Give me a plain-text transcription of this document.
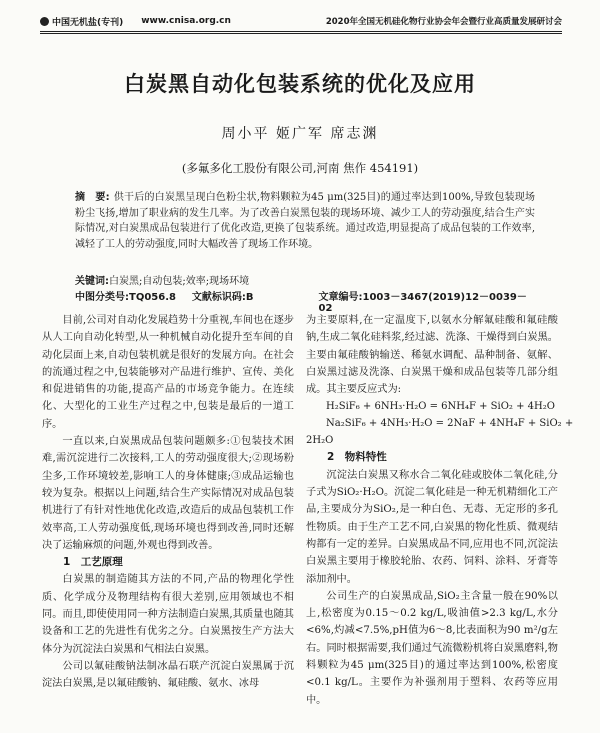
中国无机盐(专刊) www.cnisa.org.cn	2020年全国无机硅化物行业协会年会暨行业高质量发展研讨会
白炭黑自动化包装系统的优化及应用
周小平 姬广军 席志渊
(多氟多化工股份有限公司,河南 焦作 454191)
摘　要: 供干后的白炭黑呈现白色粉尘状,物料颗粒为45 μm(325目)的通过率达到100%,导致包装现场粉尘飞扬,增加了职业病的发生几率。为了改善白炭黑包装的现场环境、减少工人的劳动强度,结合生产实际情况,对白炭黑成品包装进行了优化改造,更换了包装系统。通过改造,明显提高了成品包装的工作效率,减轻了工人的劳动强度,同时大幅改善了现场工作环境。
关键词:白炭黑;自动包装;效率;现场环境
中图分类号:TQ056.8	文献标识码:B	文章编号:1003－3467(2019)12－0039－02

目前,公司对自动化发展趋势十分重视,车间也在逐步从人工向自动化转型,从一种机械自动化提升至车间的自动化层面上来,自动包装机就是很好的发展方向。在社会的流通过程之中,包装能够对产品进行维护、宣传、美化和促进销售的功能,提高产品的市场竞争能力。在连续化、大型化的工业生产过程之中,包装是最后的一道工序。

一直以来,白炭黑成品包装问题颇多:①包装技术困难,需沉淀进行二次接料,工人的劳动强度很大;②现场粉尘多,工作环境较差,影响工人的身体健康;③成品运输也较为复杂。根据以上问题,结合生产实际情况对成品包装机进行了有针对性地优化改造,改造后的成品包装机工作效率高,工人劳动强度低,现场环境也得到改善,同时还解决了运输麻烦的问题,外观也得到改善。

1　工艺原理

白炭黑的制造随其方法的不同,产品的物理化学性质、化学成分及物理结构有很大差别,应用领域也不相同。而且,即使使用同一种方法制造白炭黑,其质量也随其设备和工艺的先进性有优劣之分。白炭黑按生产方法大体分为沉淀法白炭黑和气相法白炭黑。

公司以氟硅酸钠法制冰晶石联产沉淀白炭黑属于沉淀法白炭黑,是以氟硅酸钠、氟硅酸、氨水、冰母

为主要原料,在一定温度下,以氨水分解氟硅酸和氟硅酸钠,生成二氧化硅料浆,经过滤、洗涤、干燥得到白炭黑。主要由氟硅酸钠输送、稀氨水调配、晶种制备、氨解、白炭黑过滤及洗涤、白炭黑干燥和成品包装等几部分组成。其主要反应式为:

H₂SiF₆ + 6NH₃·H₂O = 6NH₄F + SiO₂ + 4H₂O
Na₂SiF₆ + 4NH₃·H₂O = 2NaF + 4NH₄F + SiO₂ +
2H₂O
2　物料特性

沉淀法白炭黑又称水合二氧化硅或胶体二氧化硅,分子式为SiO₂·H₂O。沉淀二氧化硅是一种无机精细化工产品,主要成分为SiO₂,是一种白色、无毒、无定形的多孔性物质。由于生产工艺不同,白炭黑的物化性质、微观结构都有一定的差异。白炭黑成品不同,应用也不同,沉淀法白炭黑主要用于橡胶轮胎、农药、饲料、涂料、牙膏等添加剂中。

公司生产的白炭黑成品,SiO₂主含量一般在90%以上,松密度为0.15～0.2 kg/L,吸油值>2.3 kg/L,水分<6%,灼减<7.5%,pH值为6～8,比表面积为90 m²/g左右。同时根据需要,我们通过气流微粉机将白炭黑磨料,物料颗粒为45 μm(325目)的通过率达到100%,松密度<0.1 kg/L。主要作为补强剂用于塑料、农药等应用中。
